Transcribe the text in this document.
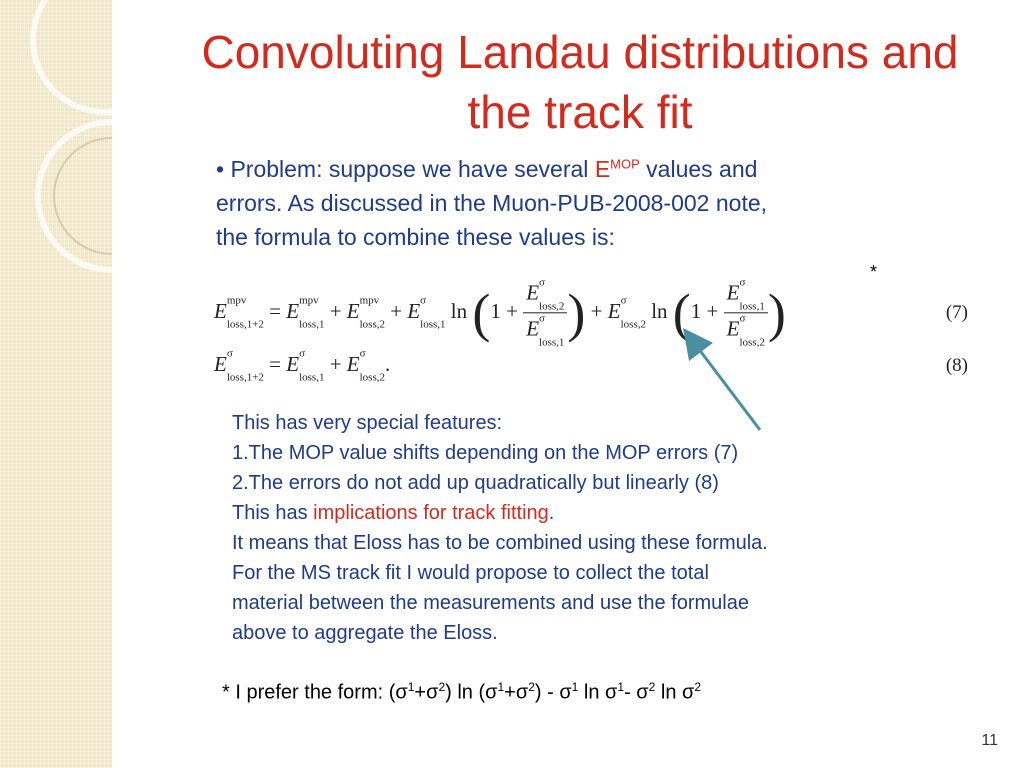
Convoluting Landau distributions and
the track fit
• Problem: suppose we have several $E^{MOP}$ values and
errors. As discussed in the Muon-PUB-2008-002 note,
the formula to combine these values is:
*
$E^{mpv}$
$_{loss,1+2} = E^{mpv}$
$_{loss,1} + E^{mpv}$
$_{loss,2} + E^\sigma$
$_{loss,1}$ ln (1 +
$E^\sigma$
$_{loss,2}$
$E^\sigma$
$_{loss,1}$ ) + $E^\sigma$
$_{loss,2}$ ln (1 +
$E^\sigma$
$_{loss,1}$
$E^\sigma$
$_{loss,2}$ )	(7)
$E^\sigma$
$_{loss,1+2} = E^\sigma$
$_{loss,1} + E^\sigma$
$_{loss,2}$.	(8)
This has very special features:
1.The MOP value shifts depending on the MOP errors (7)
2.The errors do not add up quadratically but linearly (8)
This has implications for track fitting.
It means that Eloss has to be combined using these formula.
For the MS track fit I would propose to collect the total
material between the measurements and use the formulae
above to aggregate the Eloss.
* I prefer the form: $(\sigma^1+\sigma^2)$ $\ln (\sigma^1+\sigma^2) - \sigma^1$ $\ln \sigma^1-$ $\sigma^2$ $\ln \sigma^2$
11
